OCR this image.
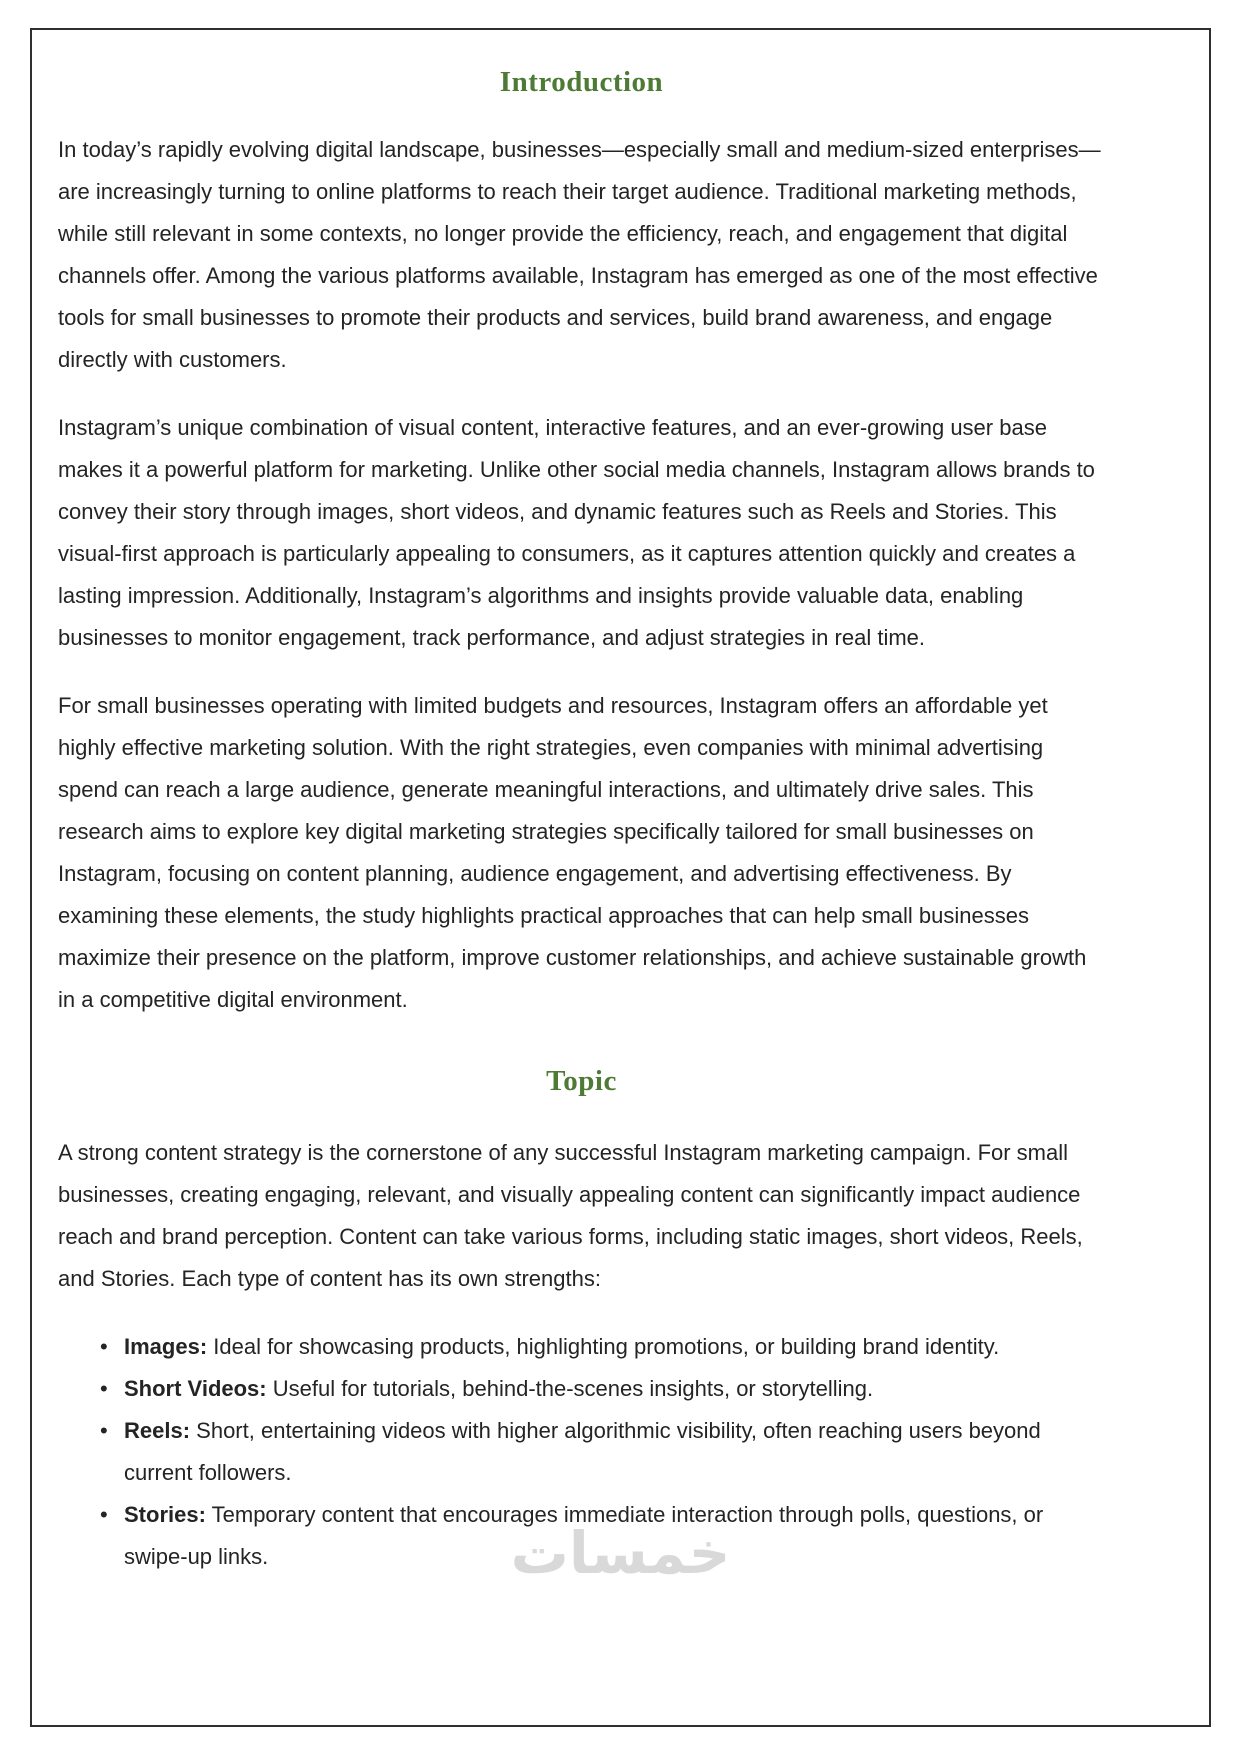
Introduction

In today’s rapidly evolving digital landscape, businesses—especially small and medium-sized enterprises—are increasingly turning to online platforms to reach their target audience. Traditional marketing methods, while still relevant in some contexts, no longer provide the efficiency, reach, and engagement that digital channels offer. Among the various platforms available, Instagram has emerged as one of the most effective tools for small businesses to promote their products and services, build brand awareness, and engage directly with customers.

Instagram’s unique combination of visual content, interactive features, and an ever-growing user base makes it a powerful platform for marketing. Unlike other social media channels, Instagram allows brands to convey their story through images, short videos, and dynamic features such as Reels and Stories. This visual-first approach is particularly appealing to consumers, as it captures attention quickly and creates a lasting impression. Additionally, Instagram’s algorithms and insights provide valuable data, enabling businesses to monitor engagement, track performance, and adjust strategies in real time.

For small businesses operating with limited budgets and resources, Instagram offers an affordable yet highly effective marketing solution. With the right strategies, even companies with minimal advertising spend can reach a large audience, generate meaningful interactions, and ultimately drive sales. This research aims to explore key digital marketing strategies specifically tailored for small businesses on Instagram, focusing on content planning, audience engagement, and advertising effectiveness. By examining these elements, the study highlights practical approaches that can help small businesses maximize their presence on the platform, improve customer relationships, and achieve sustainable growth in a competitive digital environment.

Topic

A strong content strategy is the cornerstone of any successful Instagram marketing campaign. For small businesses, creating engaging, relevant, and visually appealing content can significantly impact audience reach and brand perception. Content can take various forms, including static images, short videos, Reels, and Stories. Each type of content has its own strengths:

• Images: Ideal for showcasing products, highlighting promotions, or building brand identity.
• Short Videos: Useful for tutorials, behind-the-scenes insights, or storytelling.
• Reels: Short, entertaining videos with higher algorithmic visibility, often reaching users beyond current followers.
• Stories: Temporary content that encourages immediate interaction through polls, questions, or swipe-up links.	خمسات
